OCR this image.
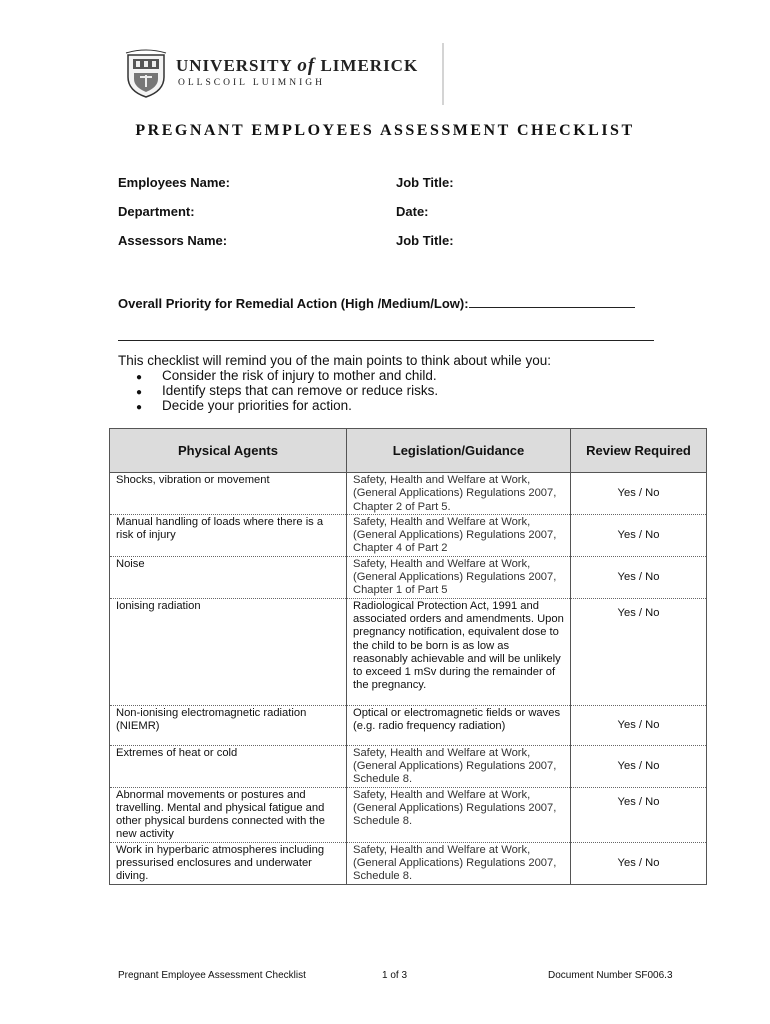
UNIVERSITY of LIMERICK
OLLSCOIL LUIMNIGH
PREGNANT EMPLOYEES ASSESSMENT CHECKLIST
Employees Name:	Job Title:
Department:	Date:
Assessors Name:	Job Title:
Overall Priority for Remedial Action (High /Medium/Low):
This checklist will remind you of the main points to think about while you:
● Consider the risk of injury to mother and child.
● Identify steps that can remove or reduce risks.
● Decide your priorities for action.
Physical Agents	Legislation/Guidance	Review Required
Shocks, vibration or movement	Safety, Health and Welfare at Work, (General Applications) Regulations 2007, Chapter 2 of Part 5.	Yes / No
Manual handling of loads where there is a risk of injury	Safety, Health and Welfare at Work, (General Applications) Regulations 2007, Chapter 4 of Part 2	Yes / No
Noise	Safety, Health and Welfare at Work, (General Applications) Regulations 2007, Chapter 1 of Part 5	Yes / No
Ionising radiation	Radiological Protection Act, 1991 and associated orders and amendments. Upon pregnancy notification, equivalent dose to the child to be born is as low as reasonably achievable and will be unlikely to exceed 1 mSv during the remainder of the pregnancy.	Yes / No
Non-ionising electromagnetic radiation (NIEMR)	Optical or electromagnetic fields or waves (e.g. radio frequency radiation)	Yes / No
Extremes of heat or cold	Safety, Health and Welfare at Work, (General Applications) Regulations 2007, Schedule 8.	Yes / No
Abnormal movements or postures and travelling. Mental and physical fatigue and other physical burdens connected with the new activity	Safety, Health and Welfare at Work, (General Applications) Regulations 2007, Schedule 8.	Yes / No
Work in hyperbaric atmospheres including pressurised enclosures and underwater diving.	Safety, Health and Welfare at Work, (General Applications) Regulations 2007, Schedule 8.	Yes / No
Pregnant Employee Assessment Checklist	1 of 3	Document Number SF006.3
